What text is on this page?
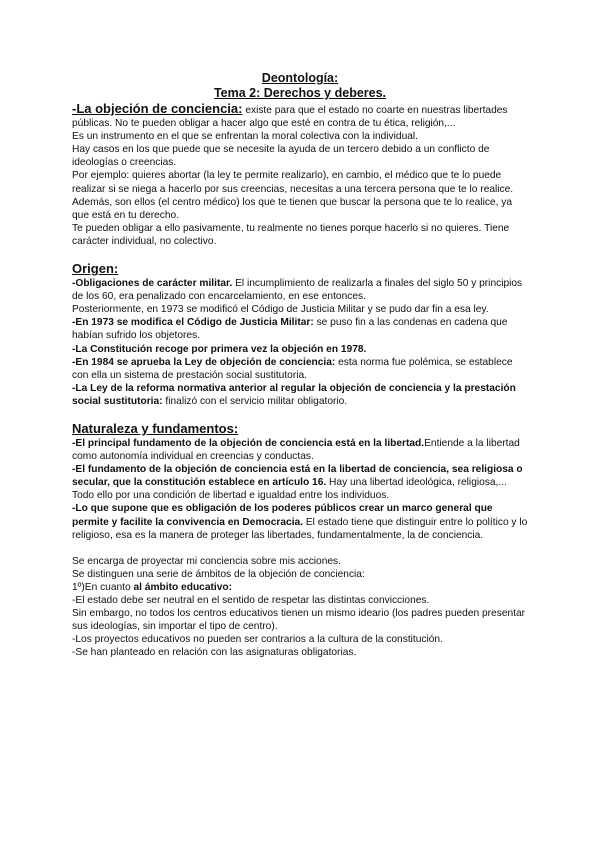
Deontología:
Tema 2: Derechos y deberes.

-La objeción de conciencia: existe para que el estado no coarte en nuestras libertades públicas. No te pueden obligar a hacer algo que esté en contra de tu ética, religión,...

Es un instrumento en el que se enfrentan la moral colectiva con la individual.

Hay casos en los que puede que se necesite la ayuda de un tercero debido a un conflicto de ideologías o creencias.

Por ejemplo: quieres abortar (la ley te permite realizarlo), en cambio, el médico que te lo puede realizar si se niega a hacerlo por sus creencias, necesitas a una tercera persona que te lo realice. Además, son ellos (el centro médico) los que te tienen que buscar la persona que te lo realice, ya que está en tu derecho.

Te pueden obligar a ello pasivamente, tu realmente no tienes porque hacerlo si no quieres. Tiene carácter individual, no colectivo.

Origen:

-Obligaciones de carácter militar. El incumplimiento de realizarla a finales del siglo 50 y principios de los 60, era penalizado con encarcelamiento, en ese entonces.

Posteriormente, en 1973 se modificó el Código de Justicia Militar y se pudo dar fin a esa ley.

-En 1973 se modifica el Código de Justicia Militar: se puso fin a las condenas en cadena que habían sufrido los objetores.

-La Constitución recoge por primera vez la objeción en 1978.

-En 1984 se aprueba la Ley de objeción de conciencia: esta norma fue polémica, se establece con ella un sistema de prestación social sustitutoria.

-La Ley de la reforma normativa anterior al regular la objeción de conciencia y la prestación social sustitutoria: finalizó con el servicio militar obligatorio.

Naturaleza y fundamentos:

-El principal fundamento de la objeción de conciencia está en la libertad.Entiende a la libertad como autonomía individual en creencias y conductas.

-El fundamento de la objeción de conciencia está en la libertad de conciencia, sea religiosa o secular, que la constitución establece en artículo 16. Hay una libertad ideológica, religiosa,... Todo ello por una condición de libertad e igualdad entre los individuos.

-Lo que supone que es obligación de los poderes públicos crear un marco general que permite y facilite la convivencia en Democracia. El estado tiene que distinguir entre lo político y lo religioso, esa es la manera de proteger las libertades, fundamentalmente, la de conciencia.

Se encarga de proyectar mi conciencia sobre mis acciones.

Se distinguen una serie de ámbitos de la objeción de conciencia:

1º)En cuanto al ámbito educativo:

-El estado debe ser neutral en el sentido de respetar las distintas convicciones.

Sin embargo, no todos los centros educativos tienen un mismo ideario (los padres pueden presentar sus ideologías, sin importar el tipo de centro).

-Los proyectos educativos no pueden ser contrarios a la cultura de la constitución.

-Se han planteado en relación con las asignaturas obligatorias.
